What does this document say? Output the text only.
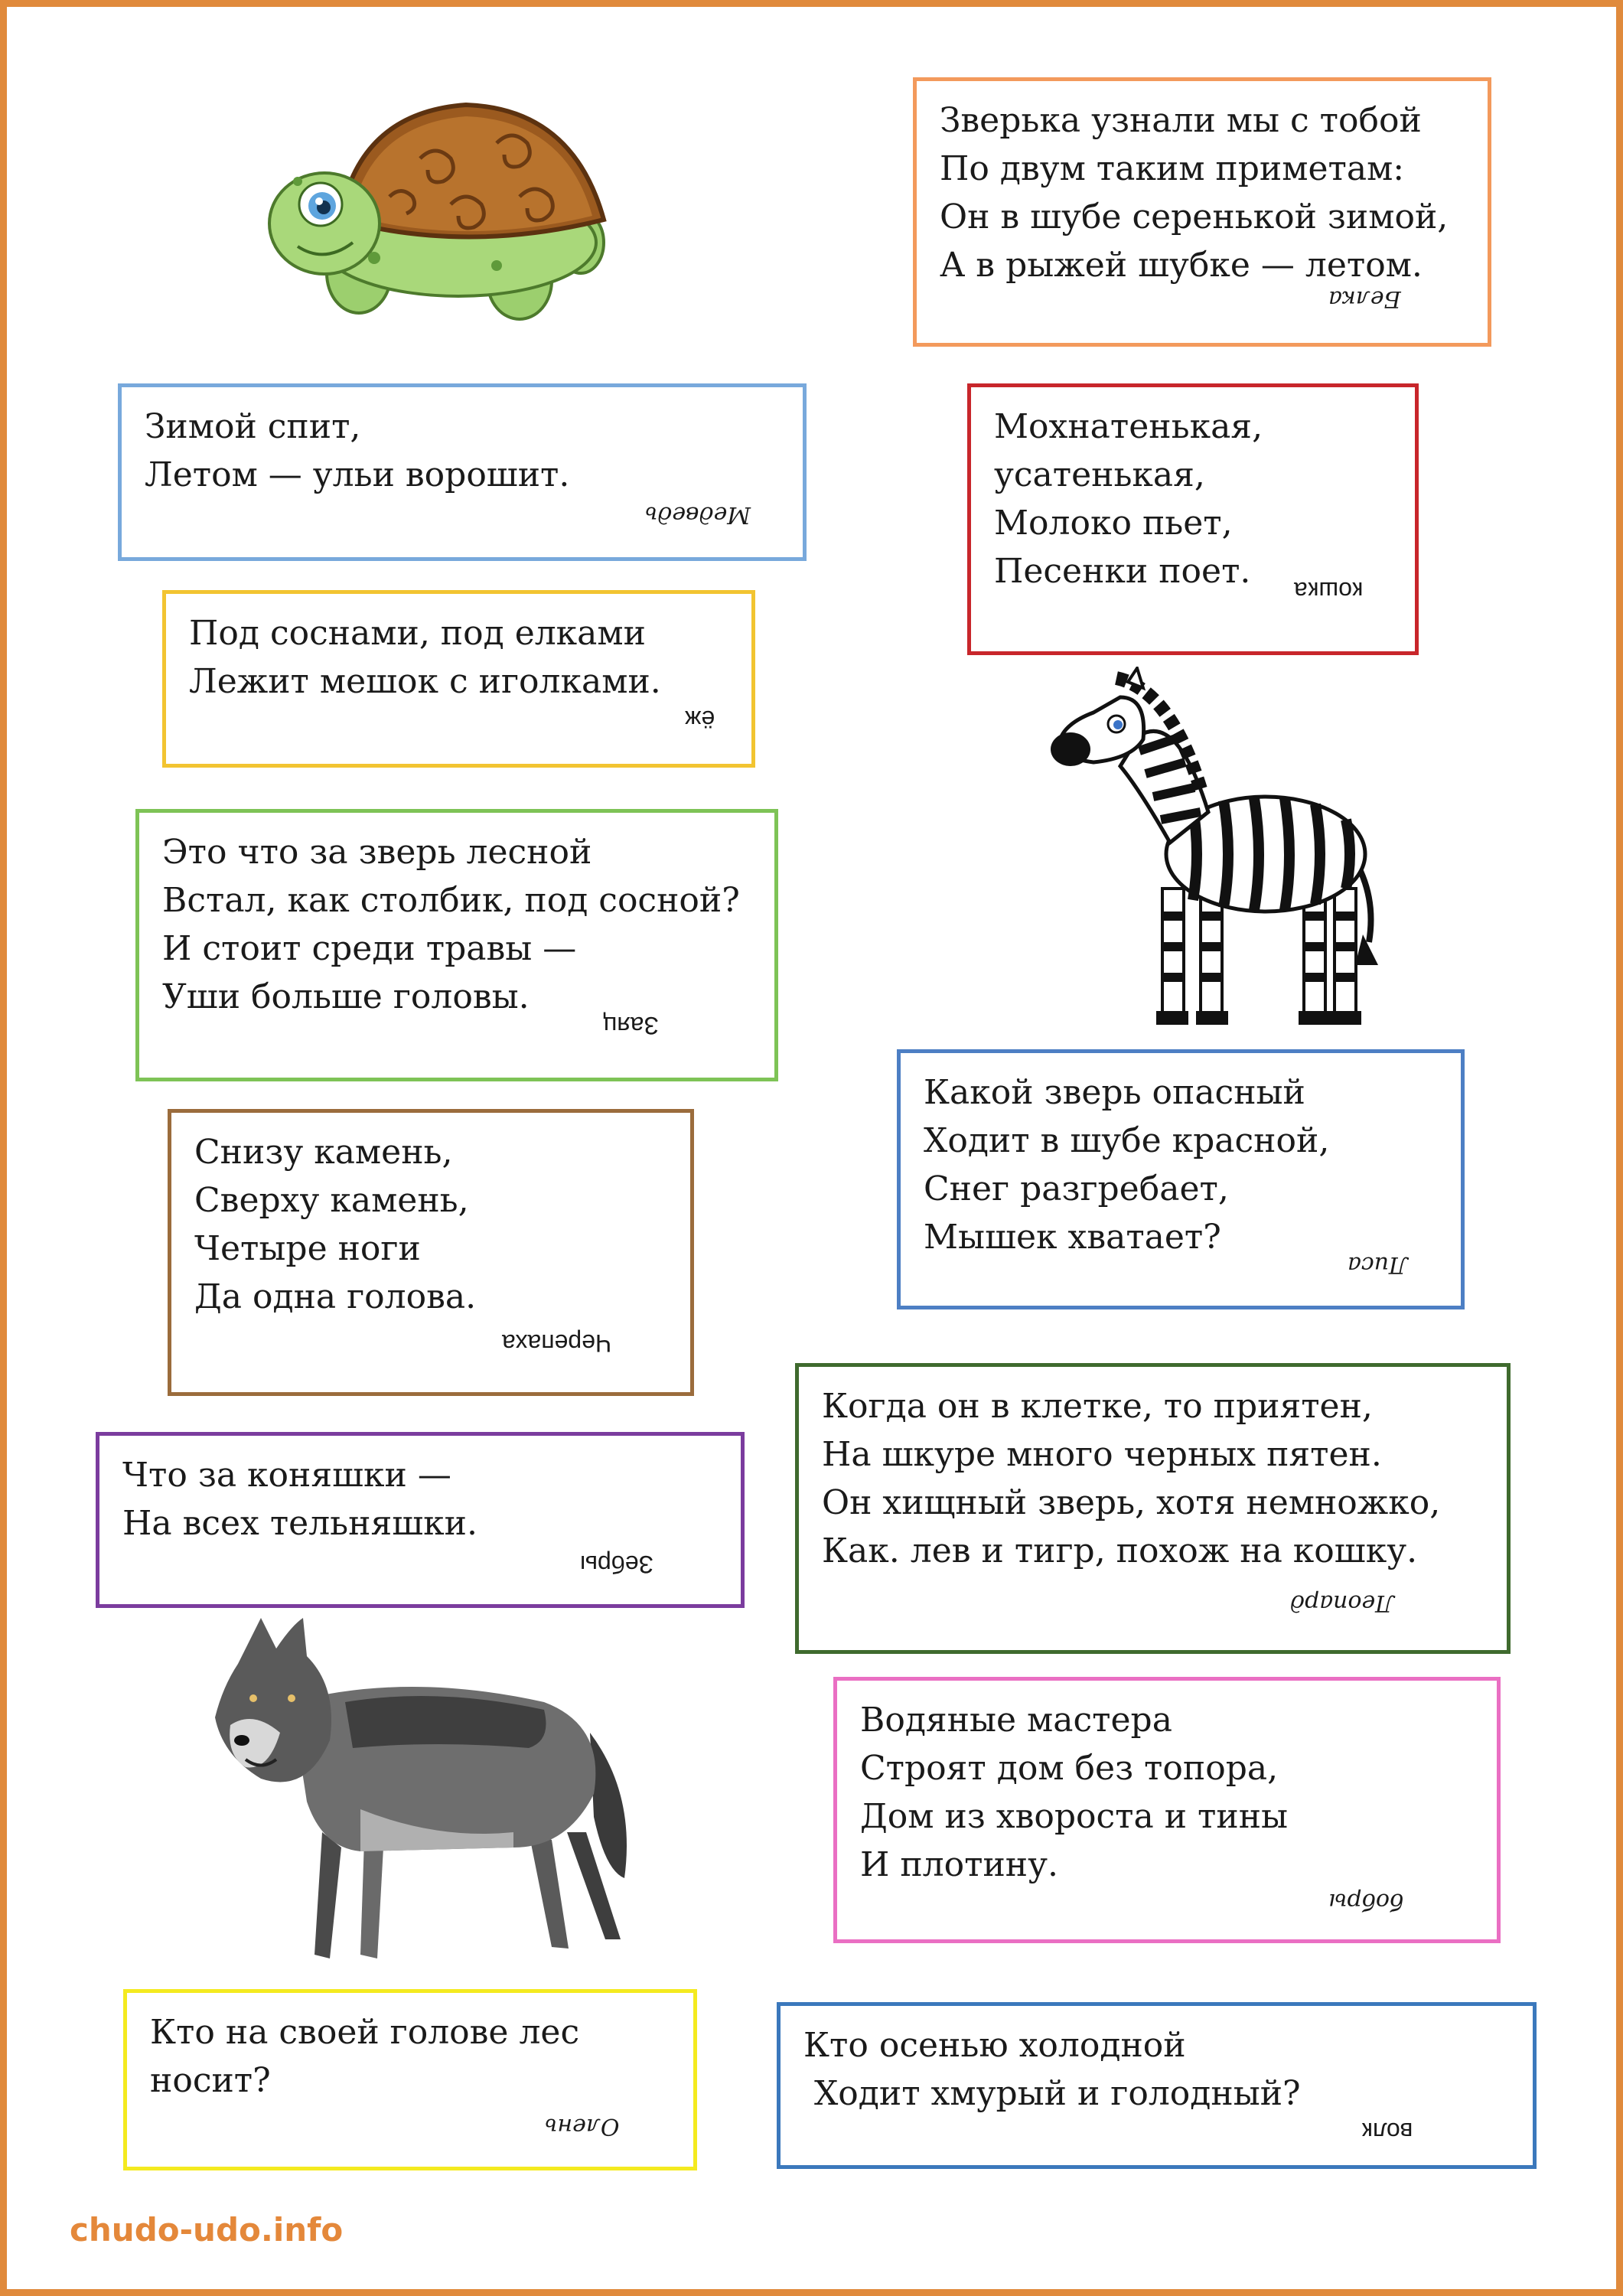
Зверька узнали мы с тобой
По двум таким приметам:
Он в шубе серенькой зимой,
А в рыжей шубке — летом.
Белка
Зимой спит,
Летом — ульи ворошит.
Медведь
Мохнатенькая,
усатенькая,
Молоко пьет,
Песенки поет.	кошка
Под соснами, под елками
Лежит мешок с иголками.
ёж
Это что за зверь лесной
Встал, как столбик, под сосной?
И стоит среди травы —
Уши больше головы.
Заяц
Какой зверь опасный
Ходит в шубе красной,
Снег разгребает,
Мышек хватает?
Лиса
Снизу камень,
Сверху камень,
Четыре ноги
Да одна голова.
Черепаха
Когда он в клетке, то приятен,
На шкуре много черных пятен.
Он хищный зверь, хотя немножко,
Как. лев и тигр, похож на кошку.
Леопард
Что за коняшки —
На всех тельняшки.
Зебры
Водяные мастера
Строят дом без топора,
Дом из хвороста и тины
И плотину.
бобры
Кто на своей голове лес
носит?
Олень
Кто осенью холодной
Ходит хмурый и голодный?
волк
chudo-udo.info
